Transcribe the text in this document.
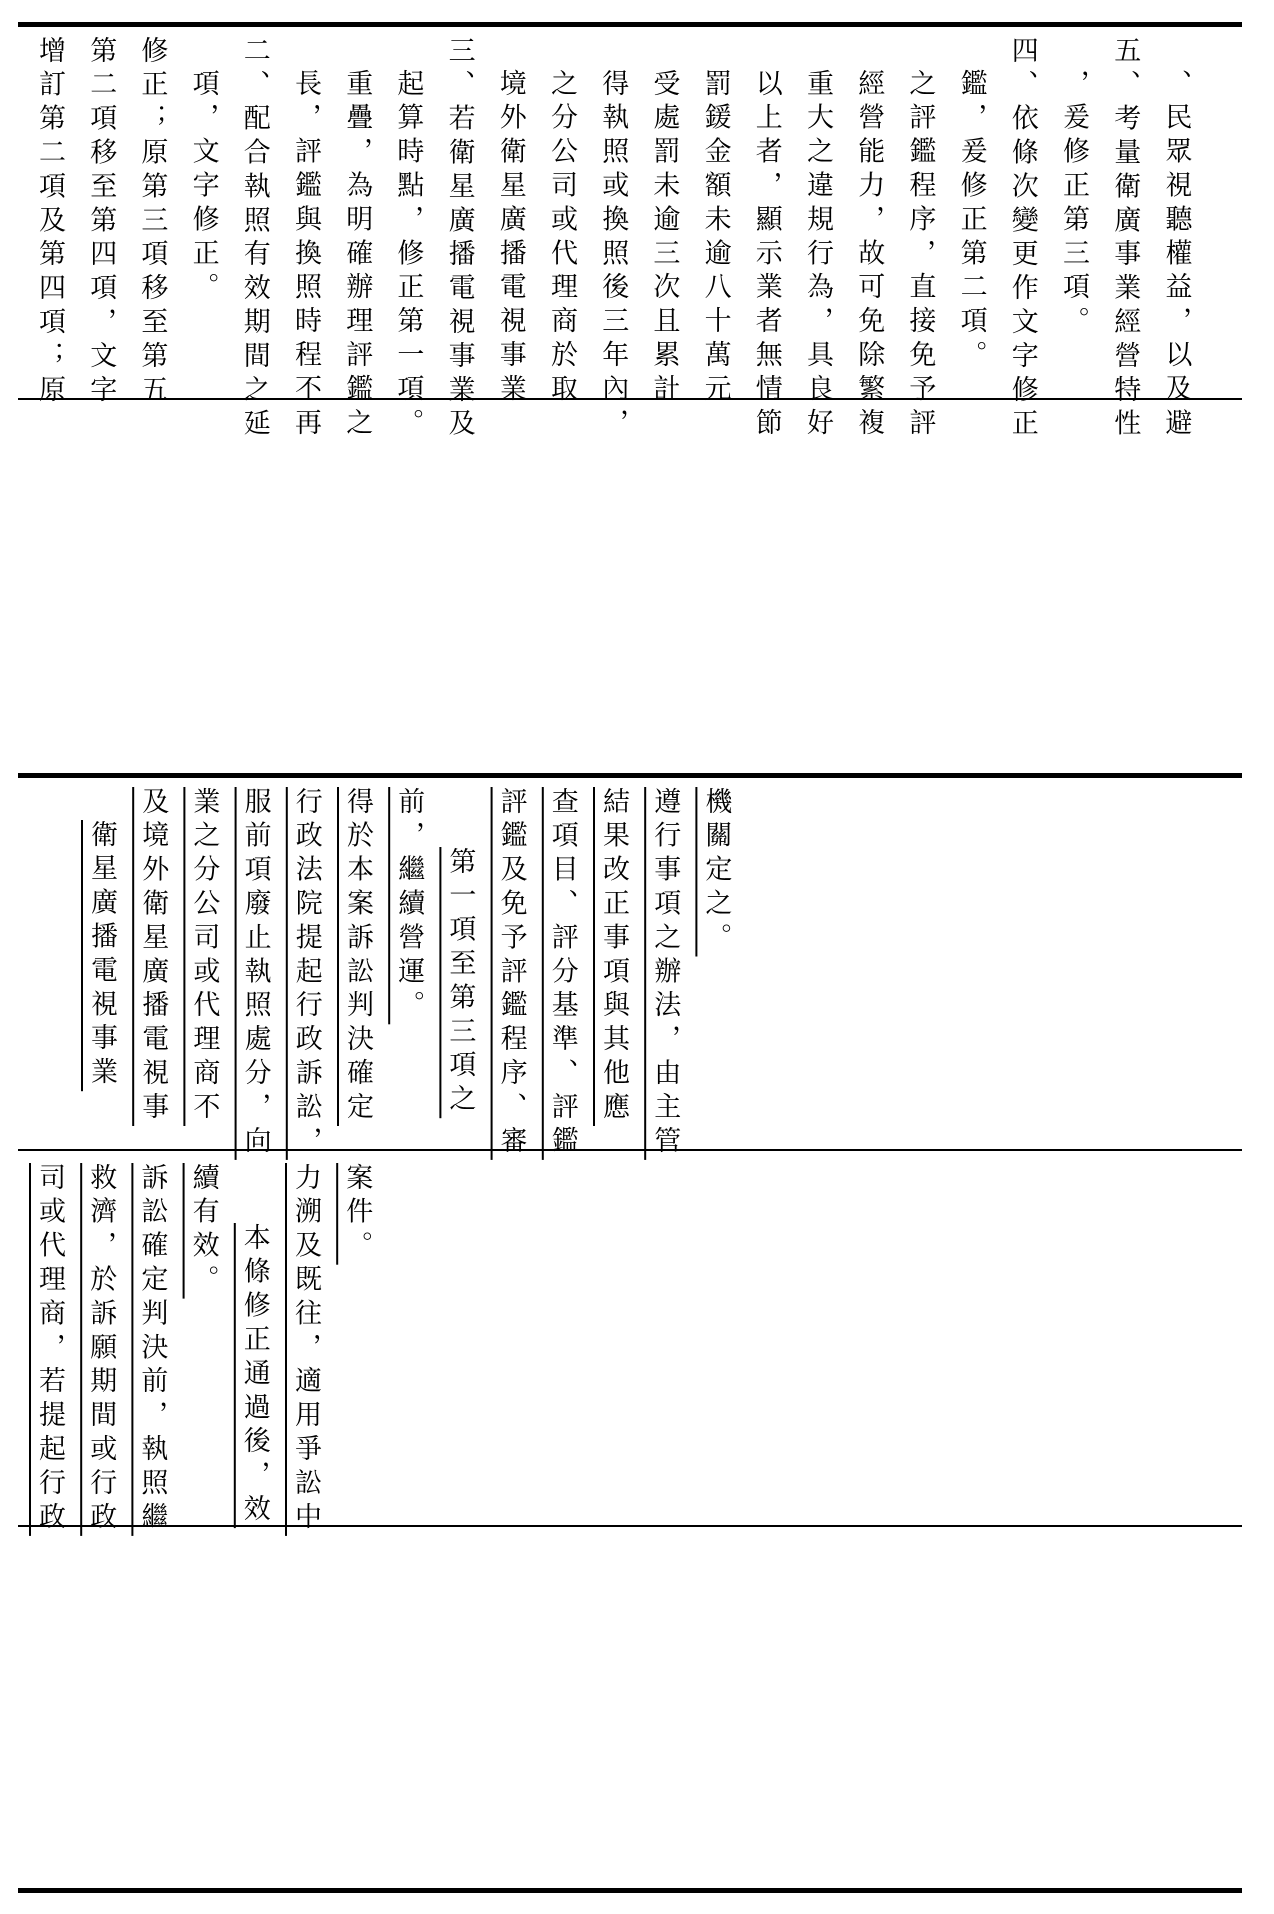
增訂第二項及第四項；原 第二項移至第四項，文字 修正；原第三項移至第五 項，文字修正。 二、配合執照有效期間之延 長，評鑑與換照時程不再 重疊，為明確辦理評鑑之 起算時點，修正第一項。 三、若衛星廣播電視事業及 境外衛星廣播電視事業 之分公司或代理商於取 得執照或換照後三年內， 受處罰未逾三次且累計 罰鍰金額未逾八十萬元 以上者，顯示業者無情節 重大之違規行為，具良好 經營能力，故可免除繁複 之評鑑程序，直接免予評 鑑，爰修正第二項。 四、依條次變更作文字修正 ，爰修正第三項。 五、考量衛廣事業經營特性 、民眾視聽權益，以及避
衛星廣播電視事業 及境外衛星廣播電視事 業之分公司或代理商不 服前項廢止執照處分，向 行政法院提起行政訴訟， 得於本案訴訟判決確定 前，繼續營運。 第一項至第三項之 評鑑及免予評鑑程序、審 查項目、評分基準、評鑑 結果改正事項與其他應 遵行事項之辦法，由主管 機關定之。
司或代理商，若提起行政 救濟，於訴願期間或行政 訴訟確定判決前，執照繼 續有效。 本條修正通過後，效 力溯及既往，適用爭訟中 案件。
